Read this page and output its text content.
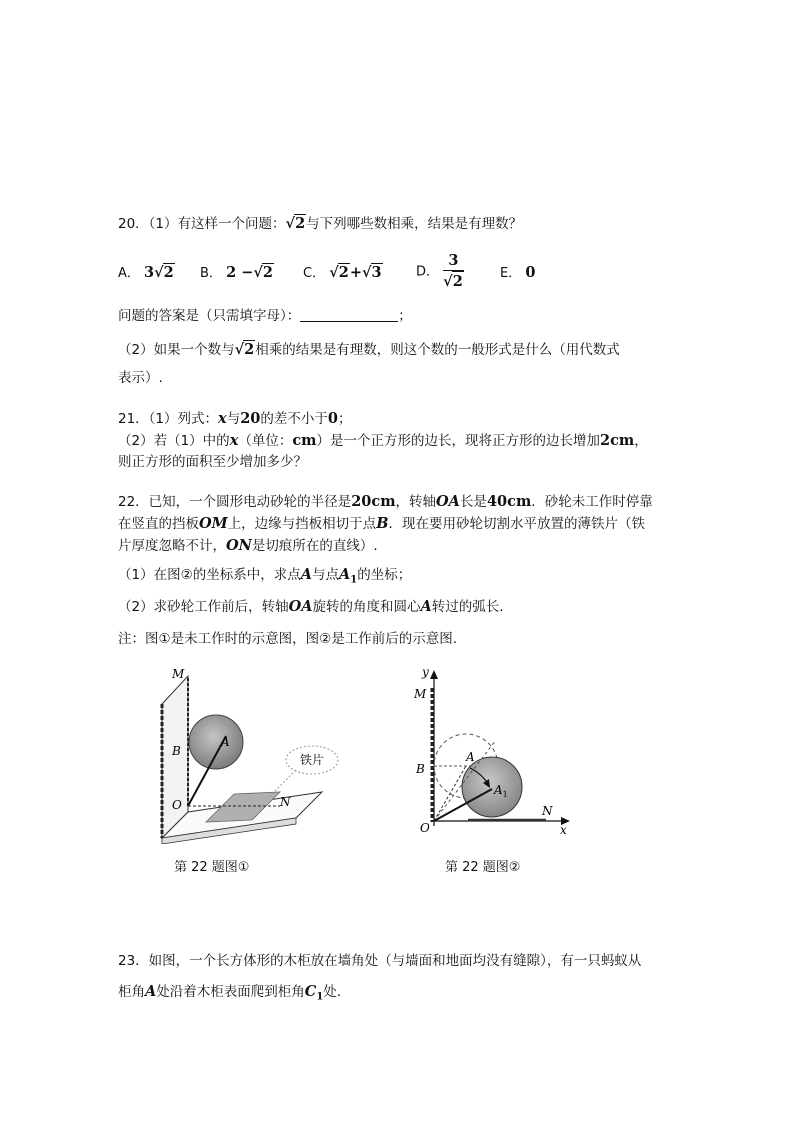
20．（1）有这样一个问题：√2与下列哪些数相乘，结果是有理数？
A． 3√2 B． 2 −√2 C． √2+√3	D． $\frac{3}{√2}$	E． 0
问题的答案是（只需填字母）：	；
（2）如果一个数与√2相乘的结果是有理数，则这个数的一般形式是什么（用代数式
表示）.
21．（1）列式：x与20的差不小于0；
（2）若（1）中的x（单位：cm）是一个正方形的边长，现将正方形的边长增加2cm，
则正方形的面积至少增加多少？
22．已知，一个圆形电动砂轮的半径是20cm，转轴OA长是40cm．砂轮未工作时停靠
在竖直的挡板OM上，边缘与挡板相切于点B．现在要用砂轮切割水平放置的薄铁片（铁
片厚度忽略不计，ON是切痕所在的直线）.
（1）在图②的坐标系中，求点A与点$A_1$的坐标；
（2）求砂轮工作前后，转轴OA旋转的角度和圆心A转过的弧长.
注：图①是未工作时的示意图，图②是工作前后的示意图.
铁片
M
B
A
O	N
y
M
B
A
$A_1$
O
N
x
第 22 题图①	第 22 题图②
23．如图，一个长方体形的木柜放在墙角处（与墙面和地面均没有缝隙），有一只蚂蚁从
柜角A处沿着木柜表面爬到柜角$C_1$处.
